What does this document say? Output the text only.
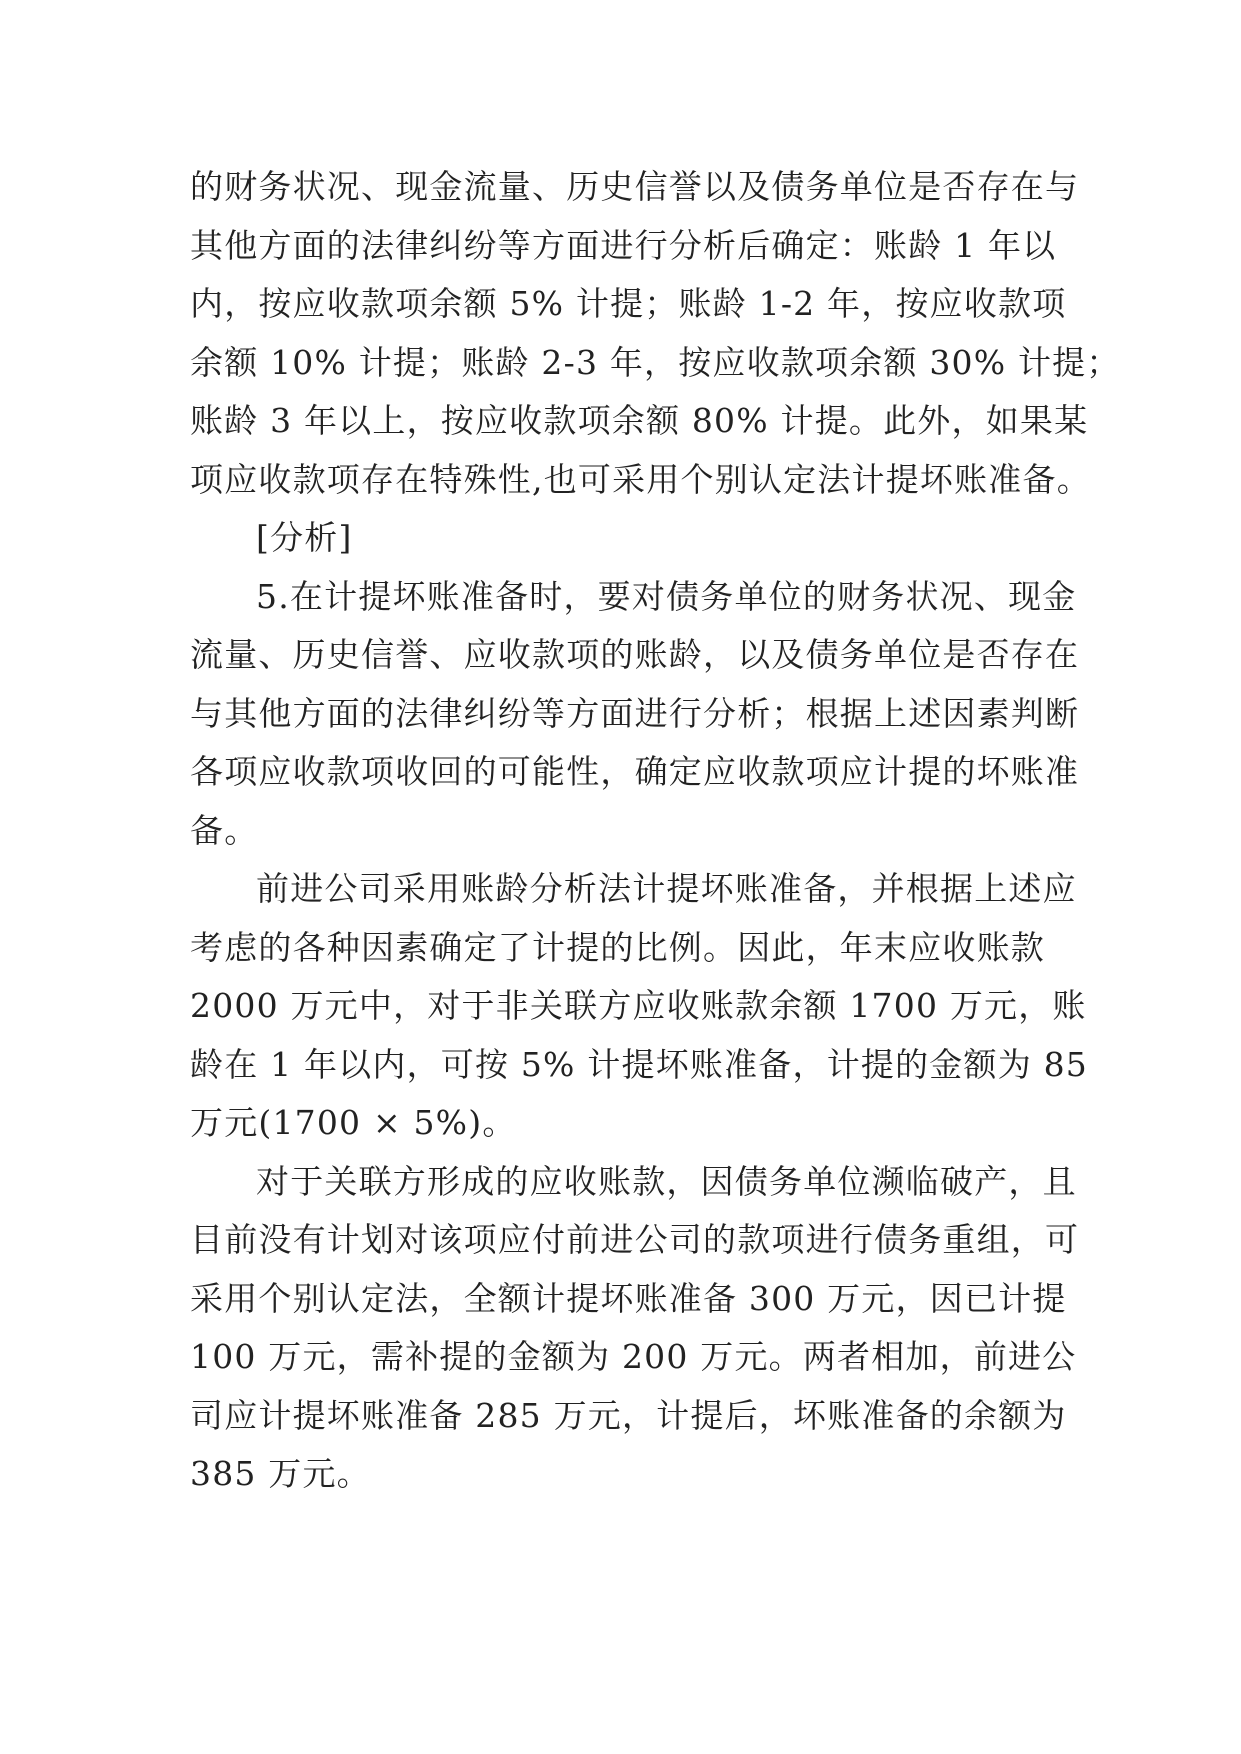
的财务状况、现金流量、历史信誉以及债务单位是否存在与
其他方面的法律纠纷等方面进行分析后确定：账龄 1 年以
内，按应收款项余额 5% 计提；账龄 1-2 年，按应收款项
余额 10% 计提；账龄 2-3 年，按应收款项余额 30% 计提；
账龄 3 年以上，按应收款项余额 80% 计提。此外，如果某
项应收款项存在特殊性,也可采用个别认定法计提坏账准备。
[分析]
5.在计提坏账准备时，要对债务单位的财务状况、现金
流量、历史信誉、应收款项的账龄，以及债务单位是否存在
与其他方面的法律纠纷等方面进行分析；根据上述因素判断
各项应收款项收回的可能性，确定应收款项应计提的坏账准
备。
前进公司采用账龄分析法计提坏账准备，并根据上述应
考虑的各种因素确定了计提的比例。因此，年末应收账款
2000 万元中，对于非关联方应收账款余额 1700 万元，账
龄在 1 年以内，可按 5% 计提坏账准备，计提的金额为 85
万元(1700 × 5%)。
对于关联方形成的应收账款，因债务单位濒临破产，且
目前没有计划对该项应付前进公司的款项进行债务重组，可
采用个别认定法，全额计提坏账准备 300 万元，因已计提
100 万元，需补提的金额为 200 万元。两者相加，前进公
司应计提坏账准备 285 万元，计提后，坏账准备的余额为
385 万元。
